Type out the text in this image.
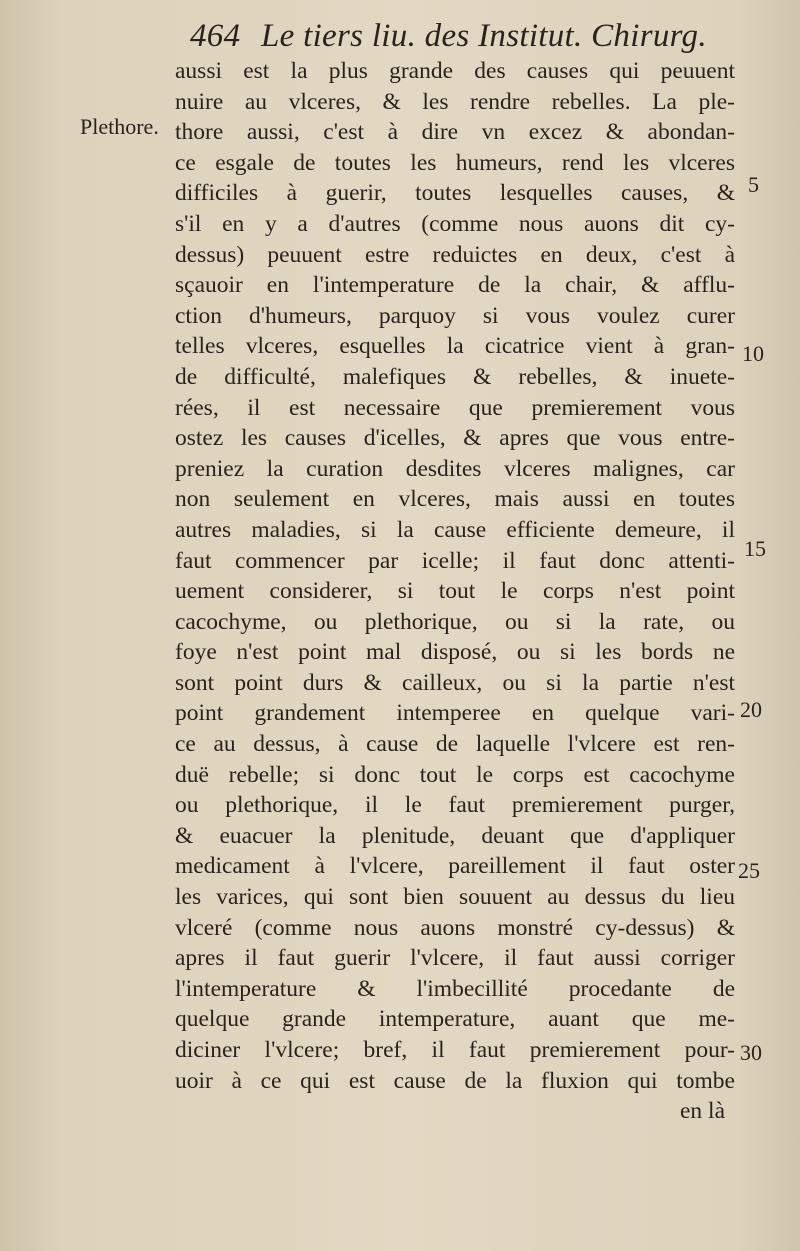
464 Le tiers liu. des Institut. Chirurg.
Plethore.
5
10
15
20
25
30
aussi est la plus grande des causes qui peuuent
nuire au vlceres, & les rendre rebelles. La ple-
thore aussi, c'est à dire vn excez & abondan-
ce esgale de toutes les humeurs, rend les vlceres
difficiles à guerir, toutes lesquelles causes, &
s'il en y a d'autres (comme nous auons dit cy-
dessus) peuuent estre reduictes en deux, c'est à
sçauoir en l'intemperature de la chair, & afflu-
ction d'humeurs, parquoy si vous voulez curer
telles vlceres, esquelles la cicatrice vient à gran-
de difficulté, malefiques & rebelles, & inuete-
rées, il est necessaire que premierement vous
ostez les causes d'icelles, & apres que vous entre-
preniez la curation desdites vlceres malignes, car
non seulement en vlceres, mais aussi en toutes
autres maladies, si la cause efficiente demeure, il
faut commencer par icelle; il faut donc attenti-
uement considerer, si tout le corps n'est point
cacochyme, ou plethorique, ou si la rate, ou
foye n'est point mal disposé, ou si les bords ne
sont point durs & cailleux, ou si la partie n'est
point grandement intemperee en quelque vari-
ce au dessus, à cause de laquelle l'vlcere est ren-
duë rebelle; si donc tout le corps est cacochyme
ou plethorique, il le faut premierement purger,
& euacuer la plenitude, deuant que d'appliquer
medicament à l'vlcere, pareillement il faut oster
les varices, qui sont bien souuent au dessus du lieu
vlceré (comme nous auons monstré cy-dessus) &
apres il faut guerir l'vlcere, il faut aussi corriger
l'intemperature & l'imbecillité procedante de
quelque grande intemperature, auant que me-
diciner l'vlcere; bref, il faut premierement pour-
uoir à ce qui est cause de la fluxion qui tombe
en là
